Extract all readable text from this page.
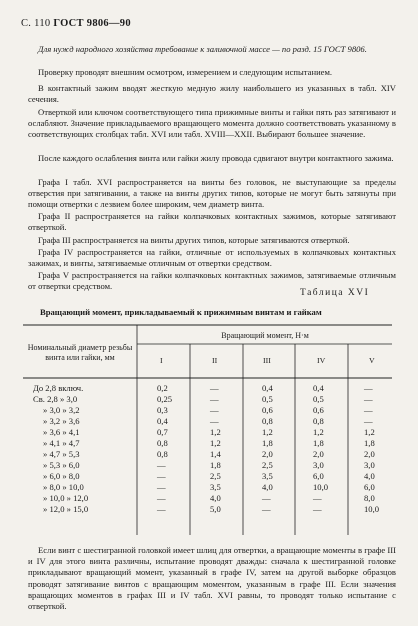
С. 110 ГОСТ 9806—90
Для нужд народного хозяйства требование к заливочной массе — по разд. 15 ГОСТ 9806.
Проверку проводят внешним осмотром, измерением и следующим испытанием.
В контактный зажим вводят жесткую медную жилу наибольшего из указанных в табл. XIV сечения.
Отверткой или ключом соответствующего типа прижимные винты и гайки пять раз затягивают и ослабляют. Значение прикладываемого вращающего момента должно соответствовать указанному в соответствующих столбцах табл. XVI или табл. XVIII—XXII. Выбирают большее значение.
После каждого ослабления винта или гайки жилу провода сдвигают внутри контактного зажима.
Графа I табл. XVI распространяется на винты без головок, не выступающие за пределы отверстия при затягивании, а также на винты других типов, которые не могут быть затянуты при помощи отвертки с лезвием более широким, чем диаметр винта.
Графа II распространяется на гайки колпачковых контактных зажимов, которые затягивают отверткой.
Графа III распространяется на винты других типов, которые затягиваются отверткой.
Графа IV распространяется на гайки, отличные от используемых в колпачковых контактных зажимах, и винты, затягиваемые отличным от отвертки средством.
Графа V распространяется на гайки колпачковых контактных зажимов, затягиваемые отличным от отвертки средством.
Таблица XVI
Вращающий момент, прикладываемый к прижимным винтам и гайкам
Номинальный диаметр резьбы винта или гайки, мм
Вращающий момент, Н·м
I	II	III	IV	V
До 2,8 включ.	0,2	—	0,4	0,4	—
Св. 2,8 » 3,0	0,25	—	0,5	0,5	—
» 3,0 » 3,2	0,3	—	0,6	0,6	—
» 3,2 » 3,6	0,4	—	0,8	0,8	—
» 3,6 » 4,1	0,7	1,2	1,2	1,2	1,2
» 4,1 » 4,7	0,8	1,2	1,8	1,8	1,8
» 4,7 » 5,3	0,8	1,4	2,0	2,0	2,0
» 5,3 » 6,0	—	1,8	2,5	3,0	3,0
» 6,0 » 8,0	—	2,5	3,5	6,0	4,0
» 8,0 » 10,0	—	3,5	4,0	10,0	6,0
» 10,0 » 12,0	—	4,0	—	—	8,0
» 12,0 » 15,0	—	5,0	—	—	10,0
Если винт с шестигранной головкой имеет шлиц для отвертки, а вращающие моменты в графе III и IV для этого винта различны, испытание проводят дважды: сначала к шестигранной головке прикладывают вращающий момент, указанный в графе IV, затем на другой выборке образцов проводят затягивание винтов с вращающим моментом, указанным в графе III. Если значения вращающих моментов в графах III и IV табл. XVI равны, то проводят только испытание с отверткой.
